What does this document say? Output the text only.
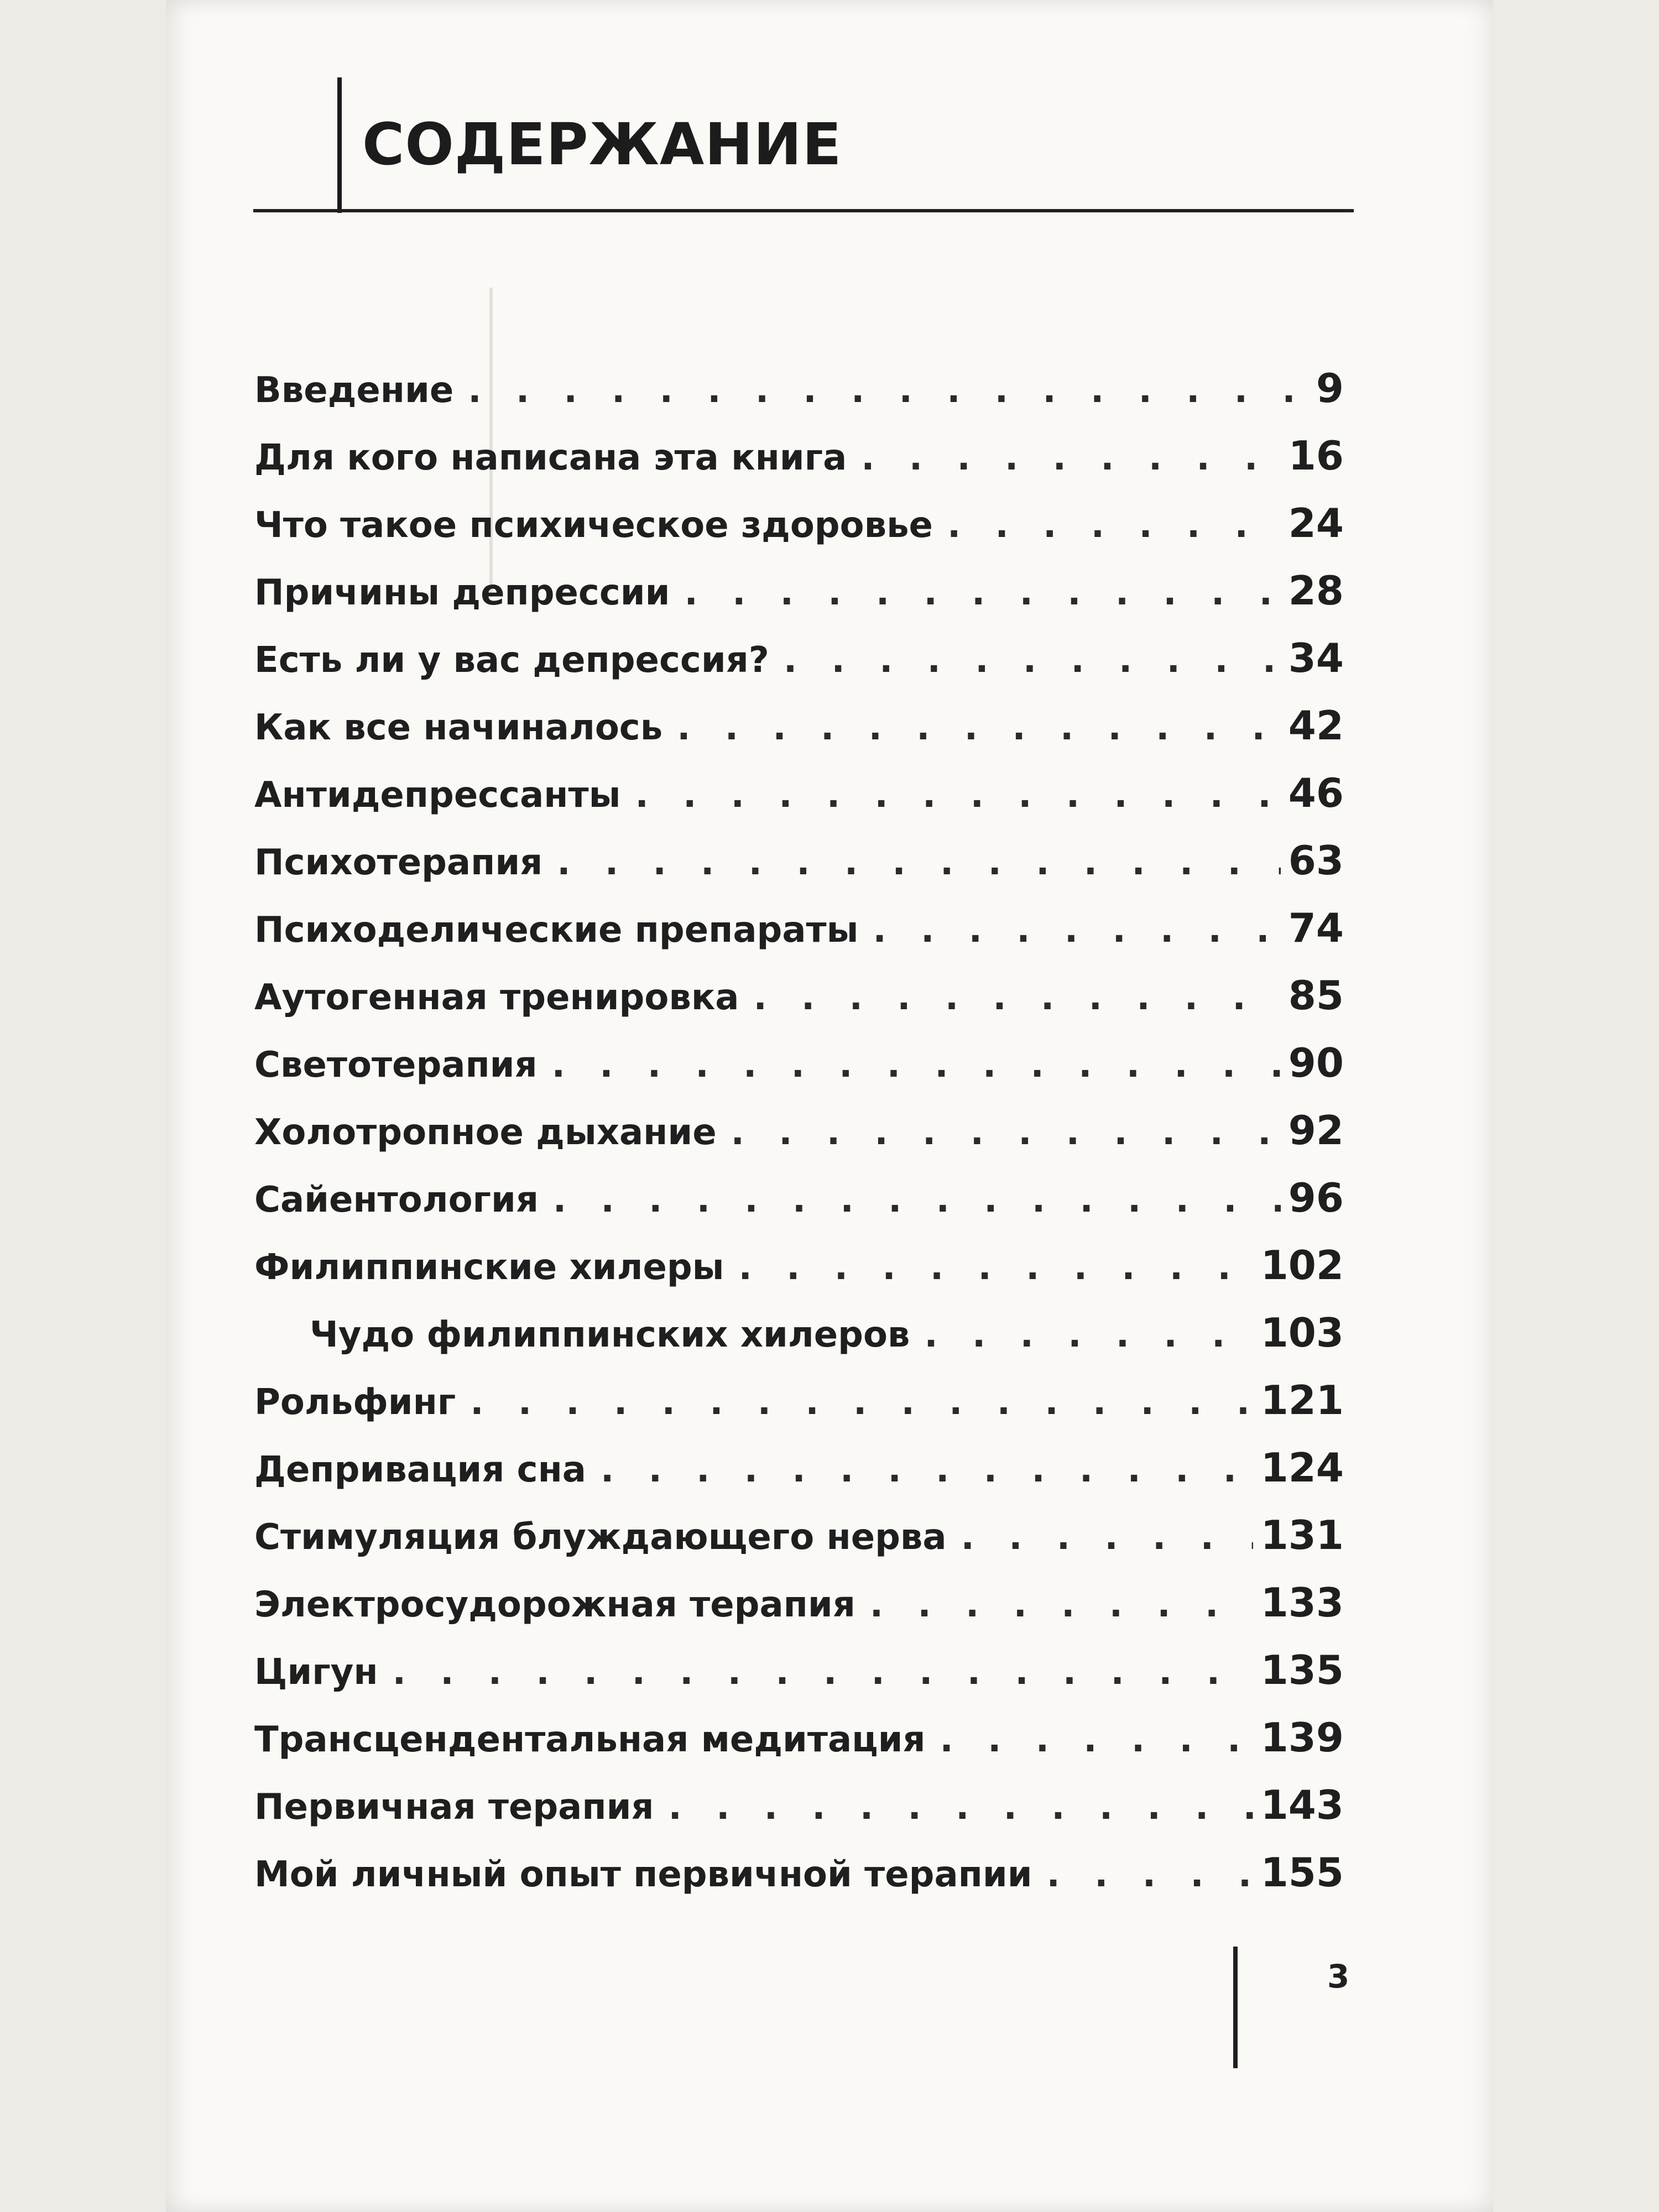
СОДЕРЖАНИЕ
Введение . . .	9
Для кого написана эта книга . . .	16
Что такое психическое здоровье . . .	24
Причины депрессии . . .	28
Есть ли у вас депрессия? . . .	34
Как все начиналось . . .	42
Антидепрессанты . . .	46
Психотерапия . . .	63
Психоделические препараты . . .	74
Аутогенная тренировка . . .	85
Светотерапия . . .	90
Холотропное дыхание . . .	92
Сайентология . . .	96
Филиппинские хилеры . . .	102
Чудо филиппинских хилеров . . .	103
Рольфинг . . .	121
Депривация сна . . .	124
Стимуляция блуждающего нерва . . .	131
Электросудорожная терапия . . .	133
Цигун . . .	135
Трансцендентальная медитация . . .	139
Первичная терапия . . .	143
Мой личный опыт первичной терапии . . .	155
3
